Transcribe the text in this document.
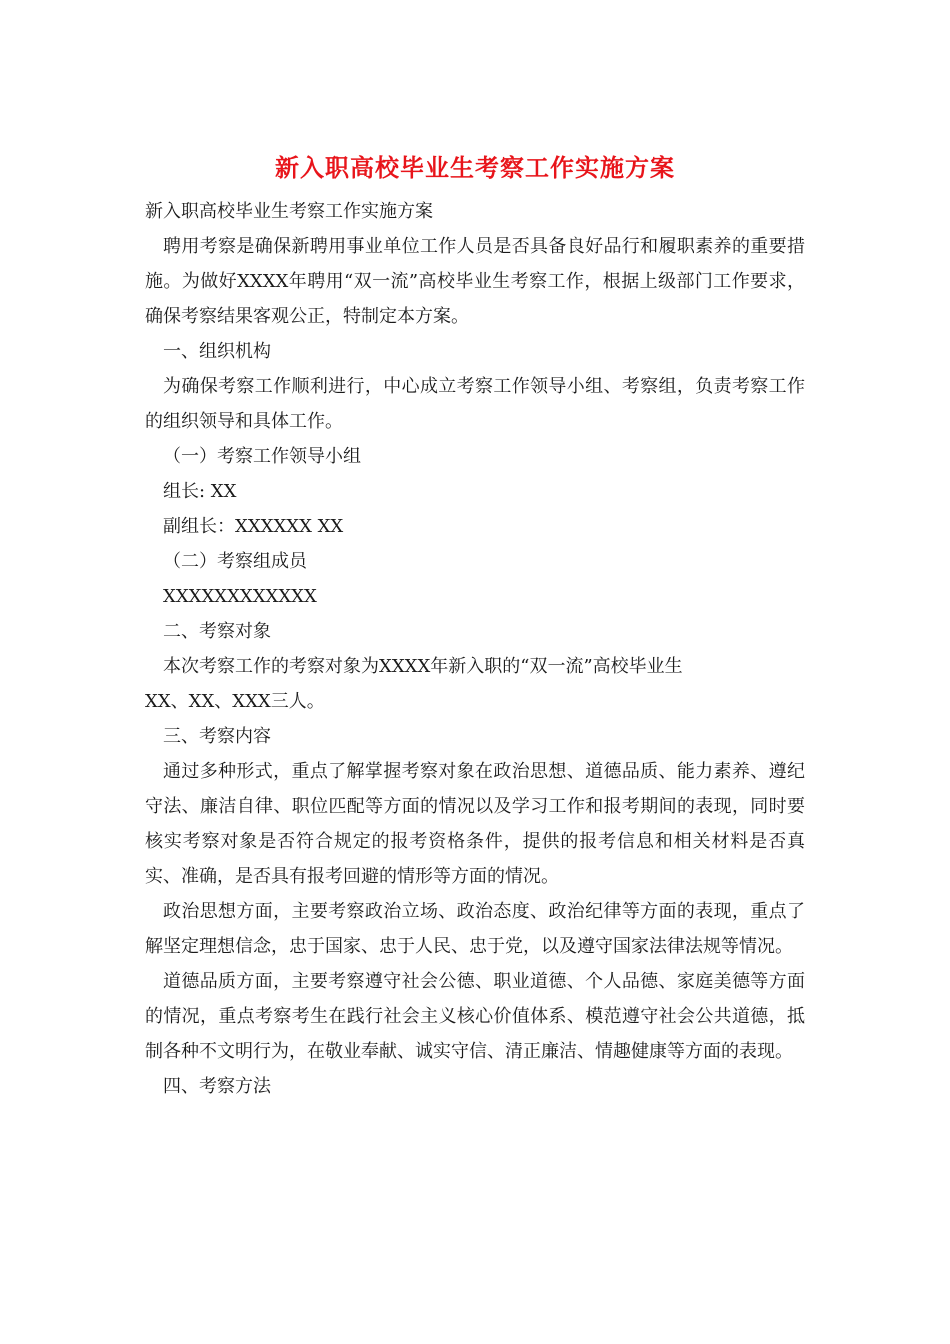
新入职高校毕业生考察工作实施方案

新入职高校毕业生考察工作实施方案

聘用考察是确保新聘用事业单位工作人员是否具备良好品行和履职素养的重要措施。为做好XXXX年聘用“双一流”高校毕业生考察工作，根据上级部门工作要求，确保考察结果客观公正，特制定本方案。

一、组织机构

为确保考察工作顺利进行，中心成立考察工作领导小组、考察组，负责考察工作的组织领导和具体工作。

（一）考察工作领导小组

组长: XX

副组长：XXXXXX XX

（二）考察组成员

XXXXXXXXXXXX

二、考察对象

本次考察工作的考察对象为XXXX年新入职的“双一流”高校毕业生

XX、XX、XXX三人。

三、考察内容

通过多种形式，重点了解掌握考察对象在政治思想、道德品质、能力素养、遵纪守法、廉洁自律、职位匹配等方面的情况以及学习工作和报考期间的表现，同时要核实考察对象是否符合规定的报考资格条件，提供的报考信息和相关材料是否真实、准确，是否具有报考回避的情形等方面的情况。

政治思想方面，主要考察政治立场、政治态度、政治纪律等方面的表现，重点了解坚定理想信念，忠于国家、忠于人民、忠于党，以及遵守国家法律法规等情况。

道德品质方面，主要考察遵守社会公德、职业道德、个人品德、家庭美德等方面的情况，重点考察考生在践行社会主义核心价值体系、模范遵守社会公共道德，抵制各种不文明行为，在敬业奉献、诚实守信、清正廉洁、情趣健康等方面的表现。

四、考察方法
